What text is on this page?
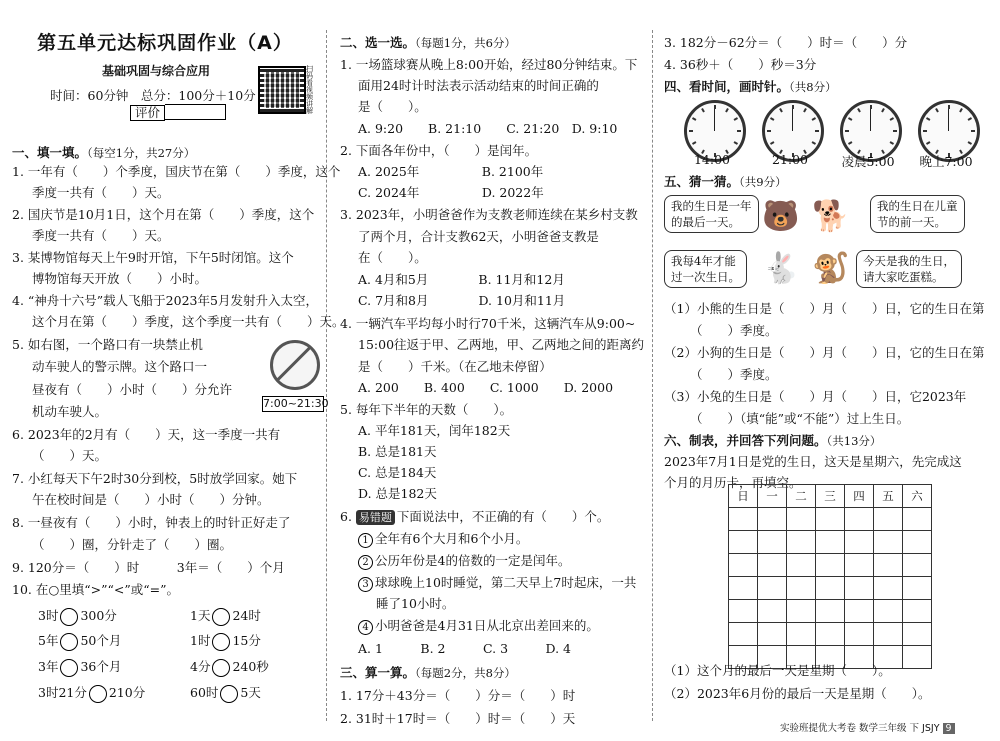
第五单元达标巩固作业（A）
基础巩固与综合应用	扫码看视频讲解
时间：60分钟　总分：100分＋10分
评价
一、填一填。（每空1分，共27分）
1. 一年有（　　）个季度，国庆节在第（　　）季度，这个
季度一共有（　　）天。
2. 国庆节是10月1日，这个月在第（　　）季度，这个
季度一共有（　　）天。
3. 某博物馆每天上午9时开馆，下午5时闭馆。这个
博物馆每天开放（　　）小时。
4. “神舟十六号”载人飞船于2023年5月发射升入太空，
这个月在第（　　）季度，这个季度一共有（　　）天。
5. 如右图，一个路口有一块禁止机
动车驶人的警示牌。这个路口一
昼夜有（　　）小时（　　）分允许
机动车驶人。
7:00~21:30
6. 2023年的2月有（　　）天，这一季度一共有
（　　）天。
7. 小红每天下午2时30分到校，5时放学回家。她下
午在校时间是（　　）小时（　　）分钟。
8. 一昼夜有（　　）小时，钟表上的时针正好走了
（　　）圈，分针走了（　　）圈。
9. 120分＝（　　）时　　　3年＝（　　）个月
10. 在○里填“>”“<”或“=”。
3时 300分	1天 24时
5年 50个月	1时 15分
3年 36个月	4分 240秒
3时21分 210分	60时 5天
二、选一选。（每题1分，共6分）
1. 一场篮球赛从晚上8:00开始，经过80分钟结束。下
面用24时计时法表示活动结束的时间正确的
是（　　）。
A. 9:20　　B. 21:10　　C. 21:20　D. 9:10
2. 下面各年份中，（　　）是闰年。
A. 2025年　　　　　B. 2100年
C. 2024年　　　　　D. 2022年
3. 2023年，小明爸爸作为支教老师连续在某乡村支教
了两个月，合计支教62天，小明爸爸支教是
在（　　）。
A. 4月和5月　　　　B. 11月和12月
C. 7月和8月　　　　D. 10月和11月
4. 一辆汽车平均每小时行70千米，这辆汽车从9:00~
15:00往返于甲、乙两地，甲、乙两地之间的距离约
是（　　）千米。（在乙地未停留）
A. 200　　B. 400　　C. 1000　　D. 2000
5. 每年下半年的天数（　　）。
A. 平年181天，闰年182天
B. 总是181天
C. 总是184天
D. 总是182天
6. 易错题 下面说法中，不正确的有（　　）个。
1 全年有6个大月和6个小月。
2 公历年份是4的倍数的一定是闰年。
3 球球晚上10时睡觉，第二天早上7时起床，一共
睡了10小时。
4 小明爸爸是4月31日从北京出差回来的。
A. 1　　　B. 2　　　C. 3　　　D. 4
三、算一算。（每题2分，共8分）
1. 17分＋43分＝（　　）分＝（　　）时
2. 31时＋17时＝（　　）时＝（　　）天
3. 182分－62分＝（　　）时＝（　　）分
4. 36秒＋（　　）秒＝3分
四、看时间，画时针。（共8分）
14:00	21:00	凌晨5:00	晚上7:00
五、猜一猜。（共9分）
我的生日是一年
的最后一天。 🐻 🐕 我的生日在儿童
节的前一天。
我每4年才能
过一次生日。 🐇 🐒 今天是我的生日，
请大家吃蛋糕。
（1）小熊的生日是（　　）月（　　）日，它的生日在第
（　　）季度。
（2）小狗的生日是（　　）月（　　）日，它的生日在第
（　　）季度。
（3）小兔的生日是（　　）月（　　）日，它2023年
（　　）（填“能”或“不能”）过上生日。
六、制表，并回答下列问题。（共13分）
2023年7月1日是党的生日，这天是星期六，先完成这
个月的月历卡，再填空。
日	一	二	三	四	五	六

（1）这个月的最后一天是星期（　　）。
（2）2023年6月份的最后一天是星期（　　）。
实验班提优大考卷 数学三年级 下 JSJY 9
